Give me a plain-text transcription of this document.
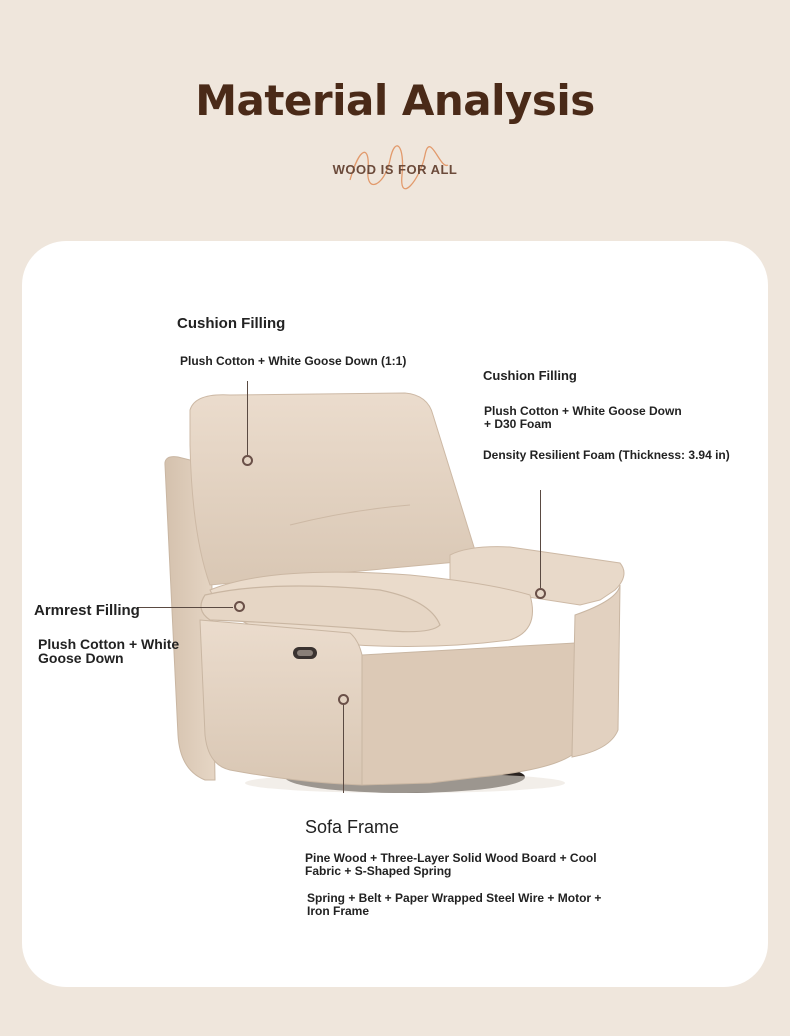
Material Analysis
WOOD IS FOR ALL
Cushion Filling
Plush Cotton + White Goose Down (1:1)
Cushion Filling
Plush Cotton + White Goose Down
+ D30 Foam
Density Resilient Foam (Thickness: 3.94 in)
Armrest Filling
Plush Cotton + White
Goose Down
Sofa Frame
Pine Wood + Three-Layer Solid Wood Board + Cool
Fabric + S-Shaped Spring
Spring + Belt + Paper Wrapped Steel Wire + Motor +
Iron Frame
